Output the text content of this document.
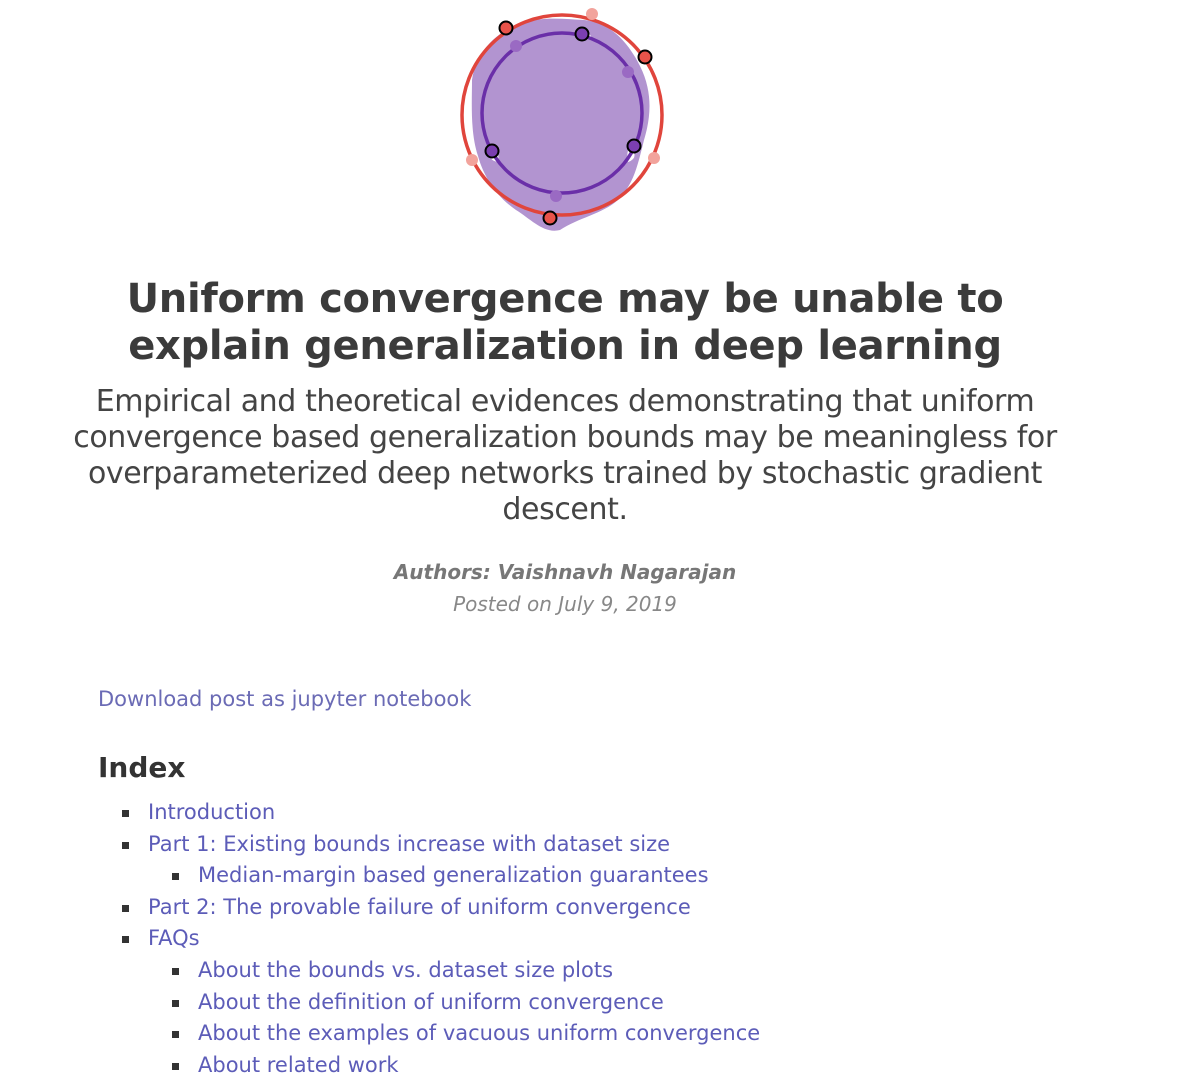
Uniform convergence may be unable to explain generalization in deep learning

Empirical and theoretical evidences demonstrating that uniform convergence based generalization bounds may be meaningless for overparameterized deep networks trained by stochastic gradient descent.

Authors: Vaishnavh Nagarajan
Posted on July 9, 2019
Download post as jupyter notebook
Index
Introduction
Part 1: Existing bounds increase with dataset size
Median-margin based generalization guarantees
Part 2: The provable failure of uniform convergence
FAQs
About the bounds vs. dataset size plots
About the definition of uniform convergence
About the examples of vacuous uniform convergence
About related work
